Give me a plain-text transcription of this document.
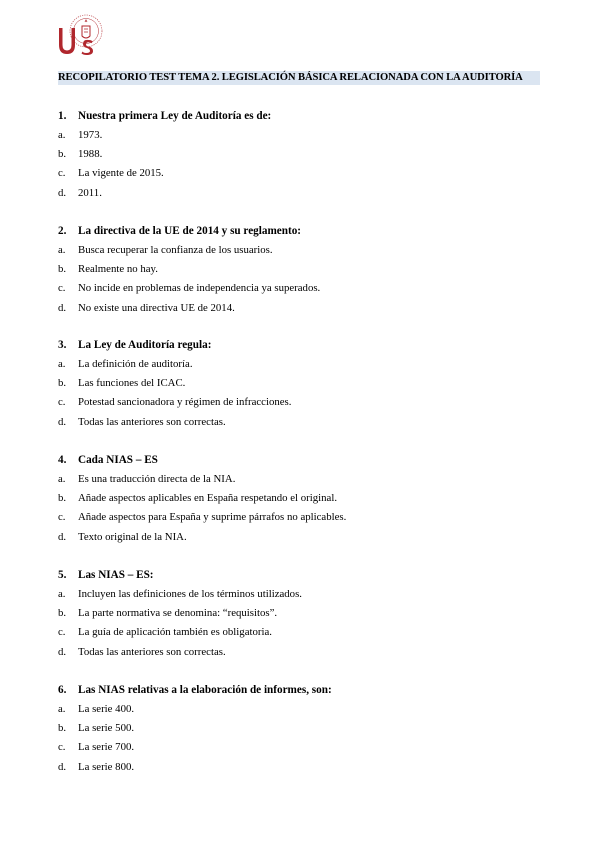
RECOPILATORIO TEST TEMA 2. LEGISLACIÓN BÁSICA RELACIONADA CON LA AUDITORÍA
1. Nuestra primera Ley de Auditoría es de:
a. 1973.
b. 1988.
c. La vigente de 2015.
d. 2011.
2. La directiva de la UE de 2014 y su reglamento:
a. Busca recuperar la confianza de los usuarios.
b. Realmente no hay.
c. No incide en problemas de independencia ya superados.
d. No existe una directiva UE de 2014.
3. La Ley de Auditoría regula:
a. La definición de auditoría.
b. Las funciones del ICAC.
c. Potestad sancionadora y régimen de infracciones.
d. Todas las anteriores son correctas.
4. Cada NIAS – ES
a. Es una traducción directa de la NIA.
b. Añade aspectos aplicables en España respetando el original.
c. Añade aspectos para España y suprime párrafos no aplicables.
d. Texto original de la NIA.
5. Las NIAS – ES:
a. Incluyen las definiciones de los términos utilizados.
b. La parte normativa se denomina: “requisitos”.
c. La guía de aplicación también es obligatoria.
d. Todas las anteriores son correctas.
6. Las NIAS relativas a la elaboración de informes, son:
a. La serie 400.
b. La serie 500.
c. La serie 700.
d. La serie 800.
